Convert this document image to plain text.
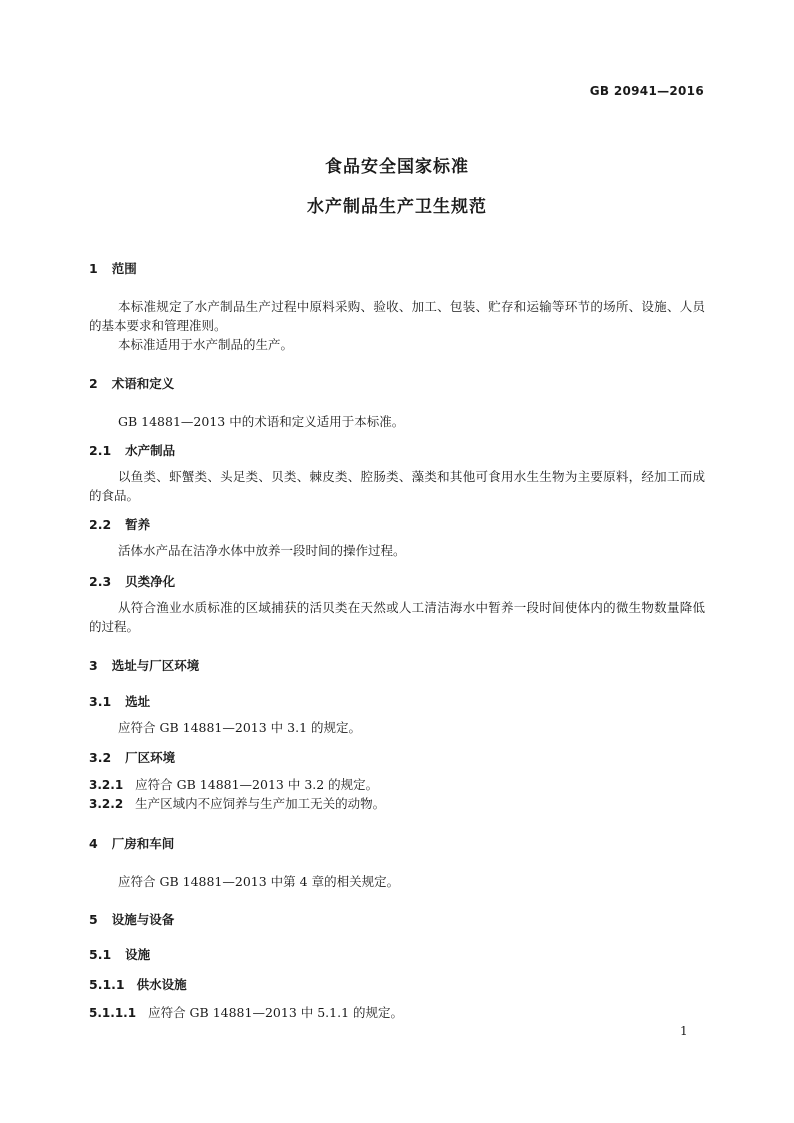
GB 20941—2016
食品安全国家标准
水产制品生产卫生规范
1 范围
本标准规定了水产制品生产过程中原料采购、验收、加工、包装、贮存和运输等环节的场所、设施、人员的基本要求和管理准则。
本标准适用于水产制品的生产。
2 术语和定义
GB 14881—2013 中的术语和定义适用于本标准。
2.1 水产制品
以鱼类、虾蟹类、头足类、贝类、棘皮类、腔肠类、藻类和其他可食用水生生物为主要原料，经加工而成的食品。
2.2 暂养
活体水产品在洁净水体中放养一段时间的操作过程。
2.3 贝类净化
从符合渔业水质标准的区域捕获的活贝类在天然或人工清洁海水中暂养一段时间使体内的微生物数量降低的过程。
3 选址与厂区环境
3.1 选址
应符合 GB 14881—2013 中 3.1 的规定。
3.2 厂区环境
3.2.1 应符合 GB 14881—2013 中 3.2 的规定。
3.2.2 生产区域内不应饲养与生产加工无关的动物。
4 厂房和车间
应符合 GB 14881—2013 中第 4 章的相关规定。
5 设施与设备
5.1 设施
5.1.1 供水设施
5.1.1.1 应符合 GB 14881—2013 中 5.1.1 的规定。
1
